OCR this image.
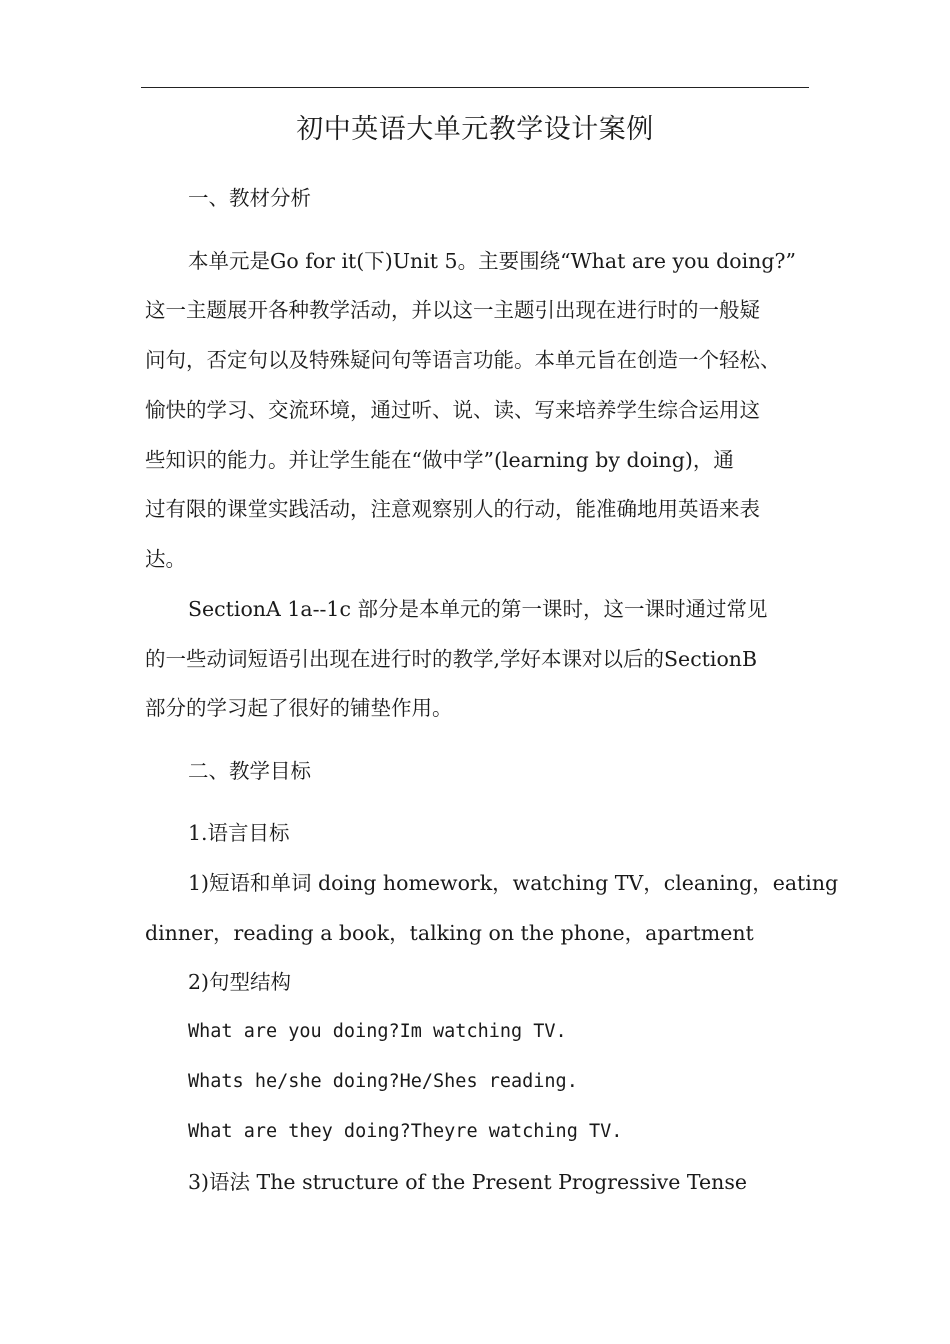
初中英语大单元教学设计案例
一、教材分析
本单元是Go for it(下)Unit 5。主要围绕“What are you doing?”
这一主题展开各种教学活动，并以这一主题引出现在进行时的一般疑
问句，否定句以及特殊疑问句等语言功能。本单元旨在创造一个轻松、
愉快的学习、交流环境，通过听、说、读、写来培养学生综合运用这
些知识的能力。并让学生能在“做中学”(learning by doing)，通
过有限的课堂实践活动，注意观察别人的行动，能准确地用英语来表
达。
SectionA 1a--1c 部分是本单元的第一课时，这一课时通过常见
的一些动词短语引出现在进行时的教学,学好本课对以后的SectionB
部分的学习起了很好的铺垫作用。
二、教学目标
1.语言目标
1)短语和单词 doing homework，watching TV，cleaning，eating
dinner，reading a book，talking on the phone，apartment
2)句型结构
What are you doing?Im watching TV.
Whats he/she doing?He/Shes reading.
What are they doing?Theyre watching TV.
3)语法 The structure of the Present Progressive Tense
